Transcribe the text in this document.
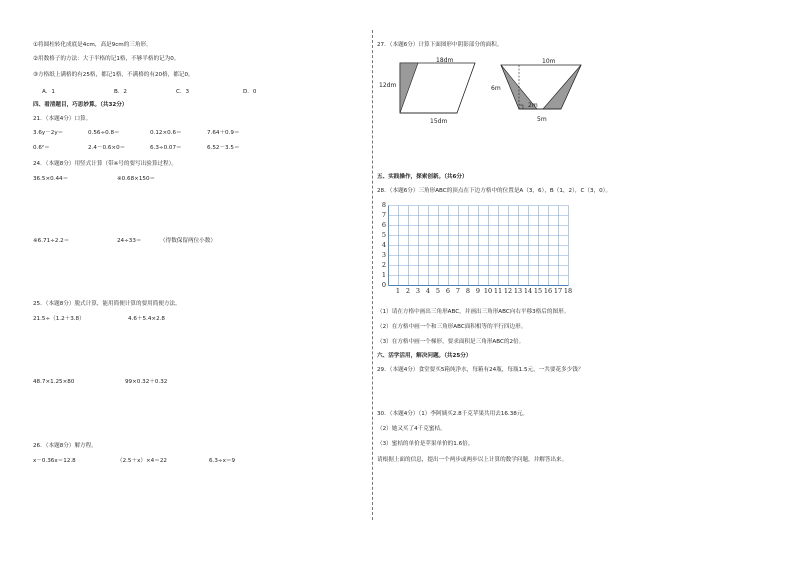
①将圆柱转化成底是4cm，高是9cm的三角形。
②用数格子的方法：大于半格的记1格，不够半格的记为0。
③方格纸上满格的有25格，都记1格，不满格的有20格，都记0。
A．1	B．2	C．3	D．0
四、看清题目，巧思妙算。（共32分）
21．（本题4分）口算。
3.6y－2y＝	0.56÷0.8＝	0.12×0.6＝	7.64＋0.9＝
0.6²＝	2.4－0.6×0＝	6.3÷0.07＝	6.52－3.5＝
24．（本题8分）用竖式计算（带※号的要写出验算过程）。
36.5×0.44＝	※0.68×150＝
※6.71÷2.2＝	24÷33＝	（得数保留两位小数）
25．（本题8分）脱式计算，能用简便计算的要用简便方法。
21.5÷（1.2＋3.8）	4.6＋5.4×2.8
48.7×1.25×80	99×0.32＋0.32
26．（本题8分）解方程。
x－0.36x＝12.8	（2.5＋x）×4＝22	6.3÷x＝9
27．（本题6分）计算下面图形中阴影部分的面积。
18dm
12dm
15dm
10m
6m
2m
5m
五、实践操作，探索创新。（共6分）
28．（本题6分）三角形ABC的顶点在下边方格中的位置是A（3，6），B（1，2），C（3，0）。
8
7
6
5
4
3
2
1
0
1 2 3 4 5 6 7 8 9 10 11 12 13 14 15 16 17 18
（1）请在方格中画出三角形ABC，并画出三角形ABC向右平移3格后的图形。
（2）在方格中画一个和三角形ABC面积相等的平行四边形。
（3）在方格中画一个梯形，要求面积是三角形ABC的2倍。
六、活学活用，解决问题。（共25分）
29．（本题4分）食堂要买5箱纯净水，每箱有24瓶，每瓶1.5元，一共要花多少钱？
30．（本题4分）（1）李阿姨买2.8千克苹果共用去16.38元。
（2）她又买了4千克蜜桔。
（3）蜜桔的单价是苹果单价的1.6倍。
请根据上面的信息，提出一个两步或两步以上计算的数学问题，并解答出来。
